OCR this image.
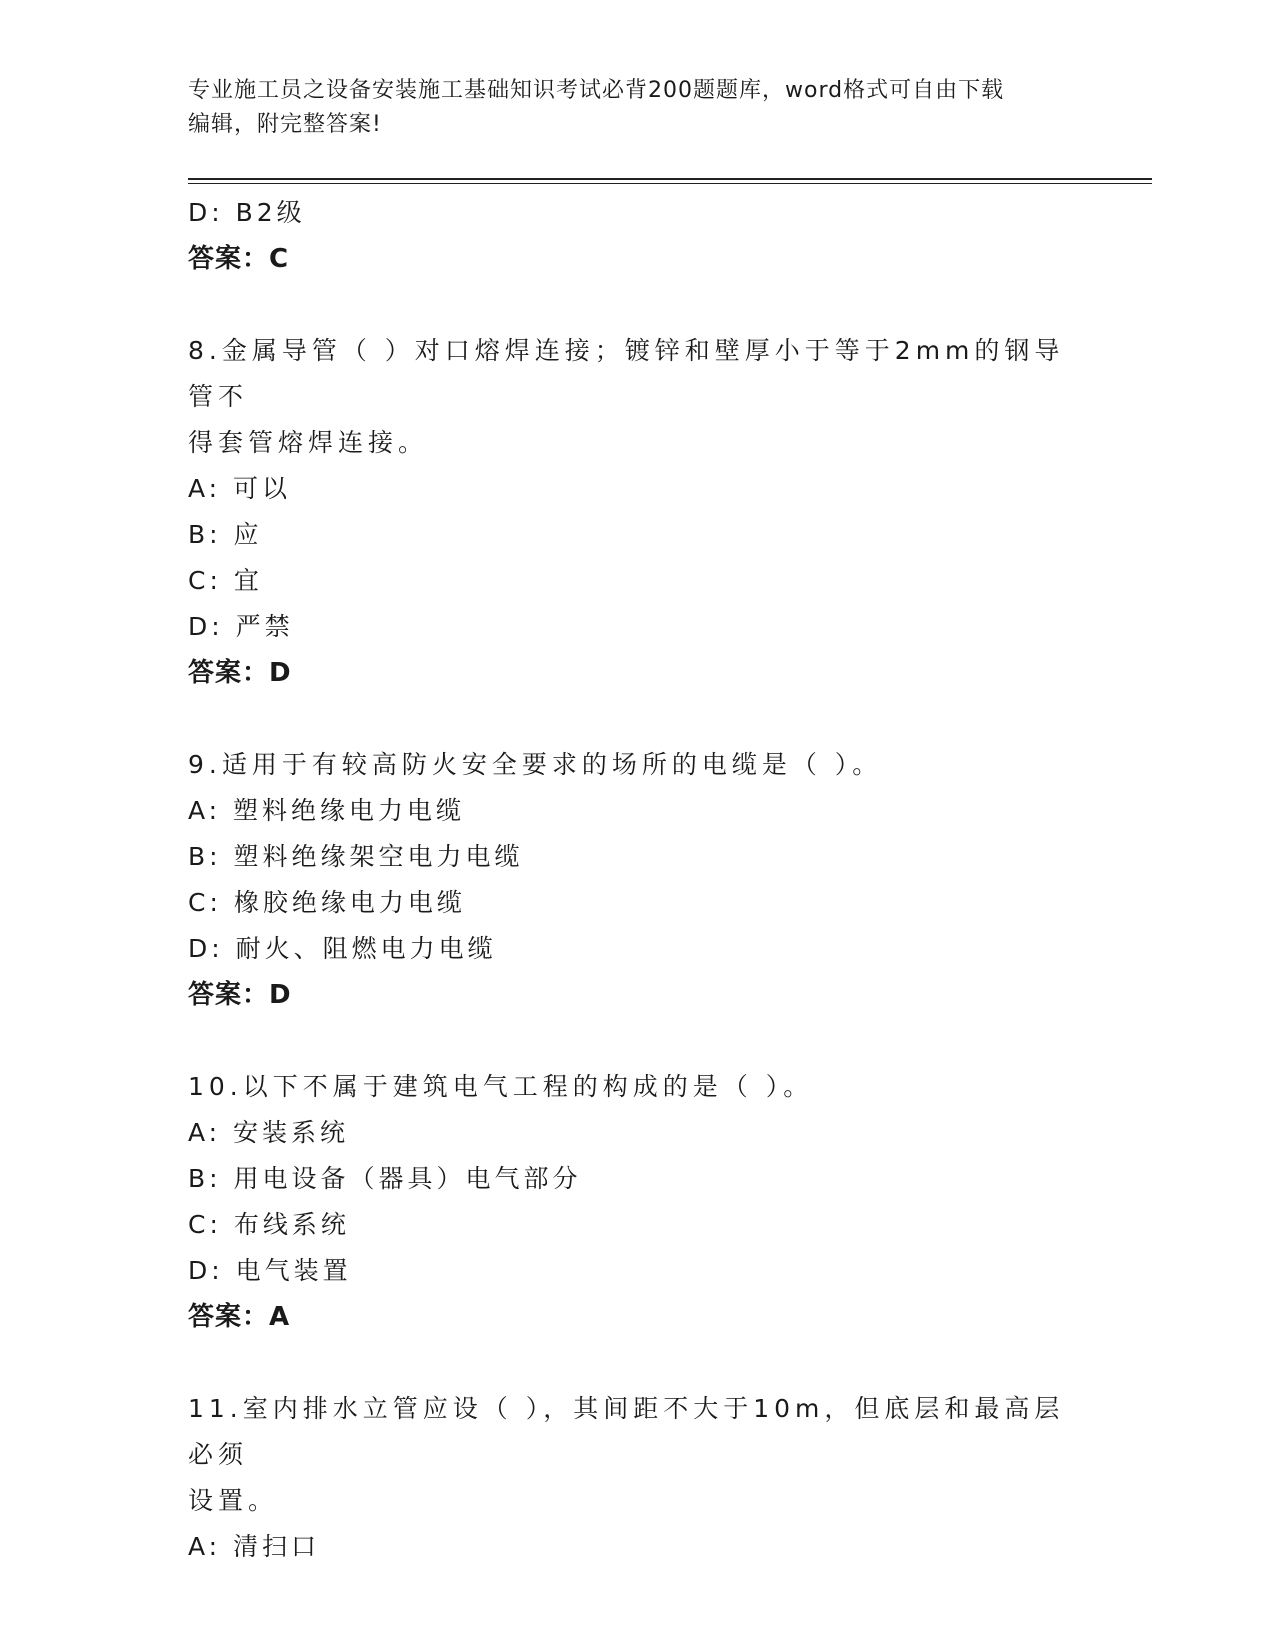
专业施工员之设备安装施工基础知识考试必背200题题库，word格式可自由下载
编辑，附完整答案!
D: B2级
答案：C
8.金属导管（ ）对口熔焊连接；镀锌和壁厚小于等于2mm的钢导管不
得套管熔焊连接。
A: 可以
B: 应
C: 宜
D: 严禁
答案：D
9.适用于有较高防火安全要求的场所的电缆是（ ）。
A: 塑料绝缘电力电缆
B: 塑料绝缘架空电力电缆
C: 橡胶绝缘电力电缆
D: 耐火、阻燃电力电缆
答案：D
10.以下不属于建筑电气工程的构成的是（ ）。
A: 安装系统
B: 用电设备（器具）电气部分
C: 布线系统
D: 电气装置
答案：A
11.室内排水立管应设（ ），其间距不大于10m，但底层和最高层必须
设置。
A: 清扫口
